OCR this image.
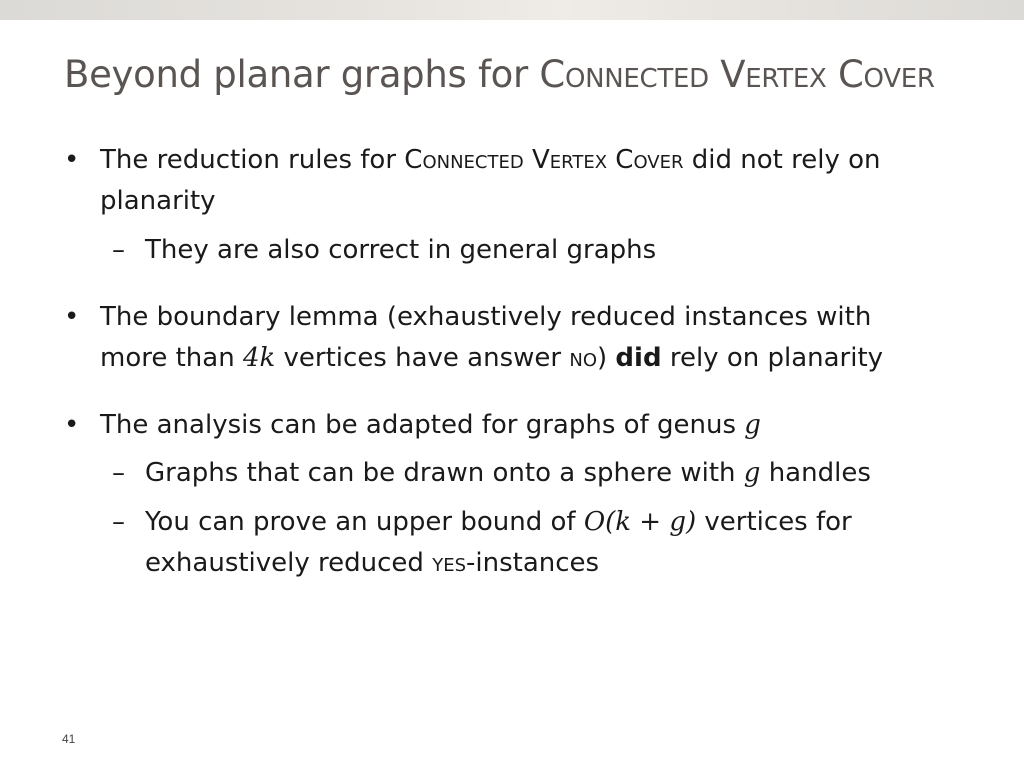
Beyond planar graphs for Connected Vertex Cover
• The reduction rules for Connected Vertex Cover did not rely on
planarity
– They are also correct in general graphs
• The boundary lemma (exhaustively reduced instances with
more than 4k vertices have answer no) did rely on planarity
• The analysis can be adapted for graphs of genus g
– Graphs that can be drawn onto a sphere with g handles
– You can prove an upper bound of O(k + g) vertices for
exhaustively reduced yes-instances
41
